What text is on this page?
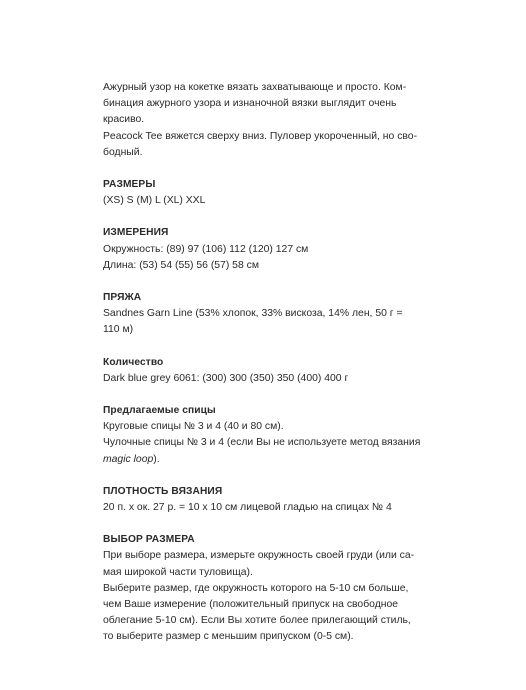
Ажурный узор на кокетке вязать захватывающе и просто. Ком-
бинация ажурного узора и изнаночной вязки выглядит очень
красиво.
Peacock Tee вяжется сверху вниз. Пуловер укороченный, но сво-
бодный.

РАЗМЕРЫ

(XS) S (M) L (XL) XXL

ИЗМЕРЕНИЯ

Окружность: (89) 97 (106) 112 (120) 127 см
Длина: (53) 54 (55) 56 (57) 58 см

ПРЯЖА

Sandnes Garn Line (53% хлопок, 33% вискоза, 14% лен, 50 г =
110 м)

Количество

Dark blue grey 6061: (300) 300 (350) 350 (400) 400 г

Предлагаемые спицы

Круговые спицы № 3 и 4 (40 и 80 см).
Чулочные спицы № 3 и 4 (если Вы не используете метод вязания
magic loop).

ПЛОТНОСТЬ ВЯЗАНИЯ

20 п. х ок. 27 р. = 10 х 10 см лицевой гладью на спицах № 4

ВЫБОР РАЗМЕРА

При выборе размера, измерьте окружность своей груди (или са-
мая широкой части туловища).
Выберите размер, где окружность которого на 5-10 см больше,
чем Ваше измерение (положительный припуск на свободное
облегание 5-10 см). Если Вы хотите более прилегающий стиль,
то выберите размер с меньшим припуском (0-5 см).
